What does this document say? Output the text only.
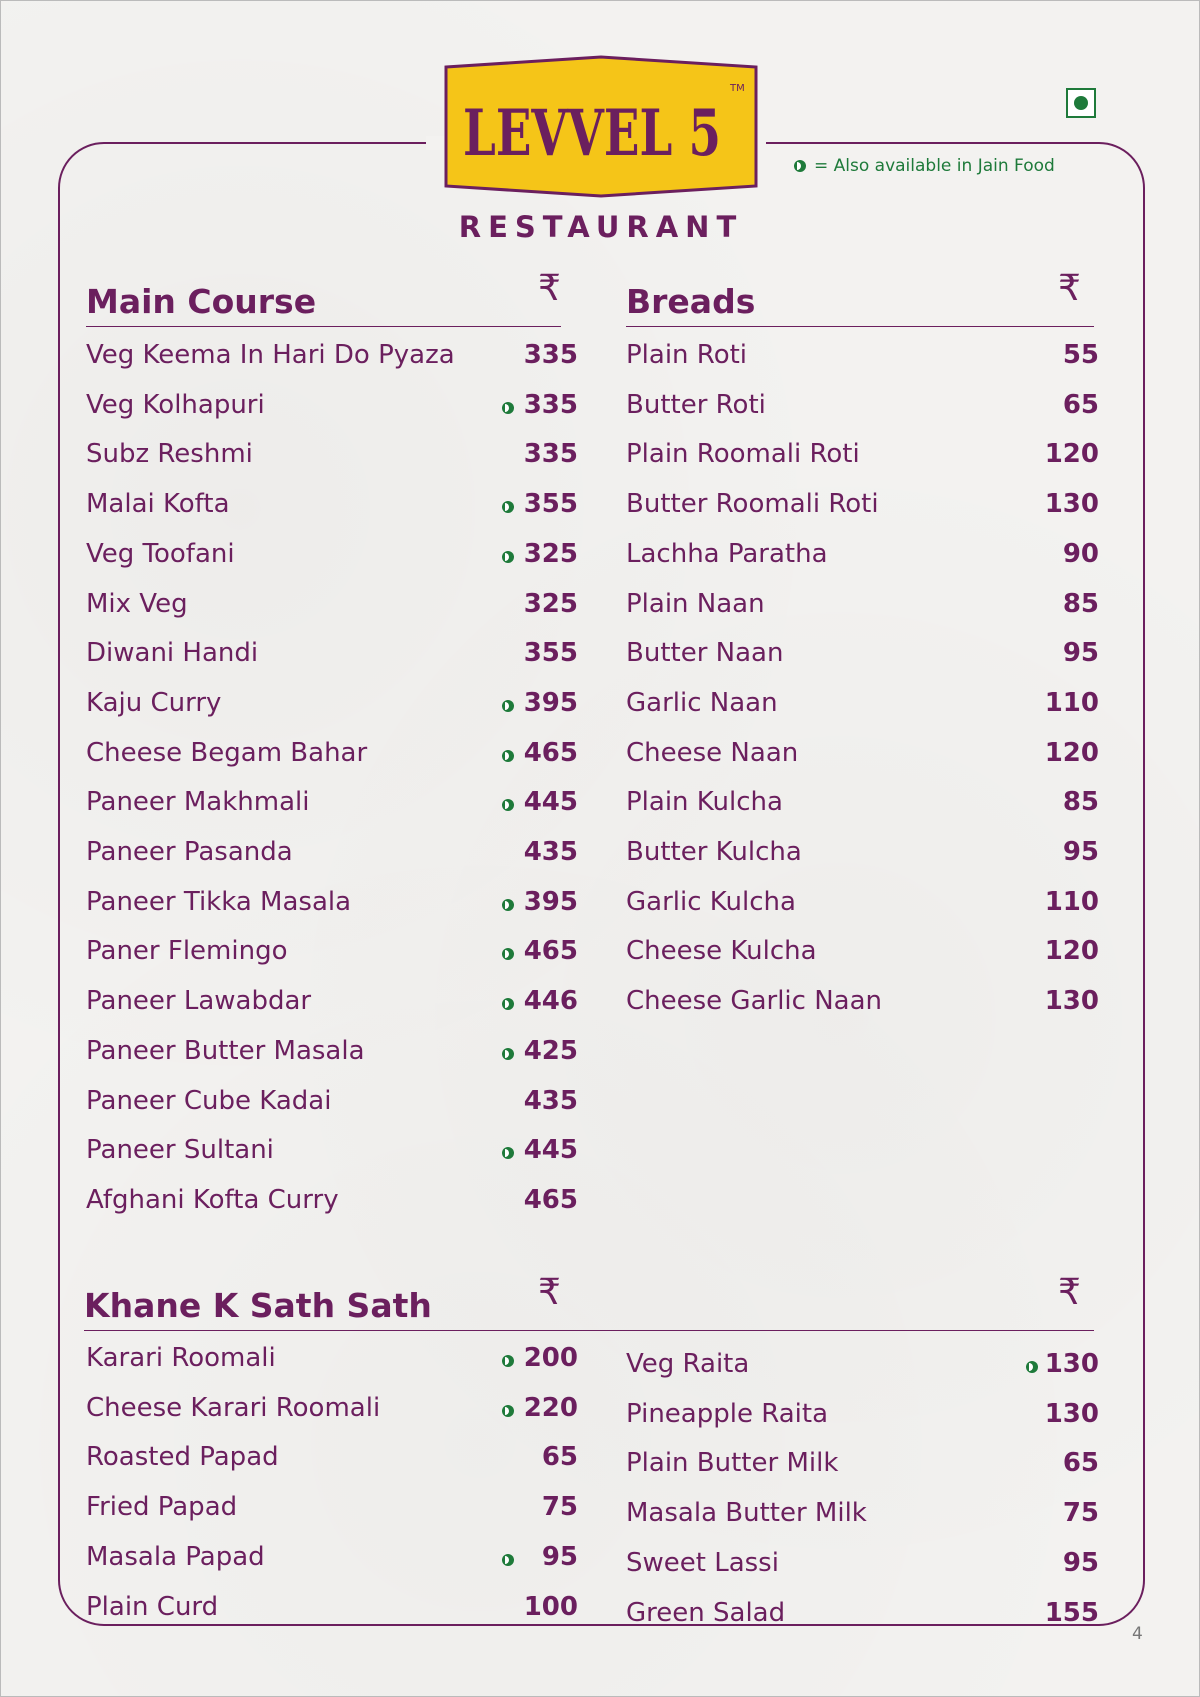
LEVVEL 5
TM
RESTAURANT
= Also available in Jain Food
Main Course	₹ Breads	₹
Khane K Sath Sath	₹	₹
Veg Keema In Hari Do Pyaza	335
Veg Kolhapuri	335
Subz Reshmi	335
Malai Kofta	355
Veg Toofani	325
Mix Veg	325
Diwani Handi	355
Kaju Curry	395
Cheese Begam Bahar	465
Paneer Makhmali	445
Paneer Pasanda	435
Paneer Tikka Masala	395
Paner Flemingo	465
Paneer Lawabdar	446
Paneer Butter Masala	425
Paneer Cube Kadai	435
Paneer Sultani	445
Afghani Kofta Curry	465
Plain Roti	55
Butter Roti	65
Plain Roomali Roti	120
Butter Roomali Roti	130
Lachha Paratha	90
Plain Naan	85
Butter Naan	95
Garlic Naan	110
Cheese Naan	120
Plain Kulcha	85
Butter Kulcha	95
Garlic Kulcha	110
Cheese Kulcha	120
Cheese Garlic Naan	130
Karari Roomali	200
Cheese Karari Roomali	220
Roasted Papad	65
Fried Papad	75
Masala Papad	95
Plain Curd	100
Veg Raita	130
Pineapple Raita	130
Plain Butter Milk	65
Masala Butter Milk	75
Sweet Lassi	95
Green Salad	155
4
